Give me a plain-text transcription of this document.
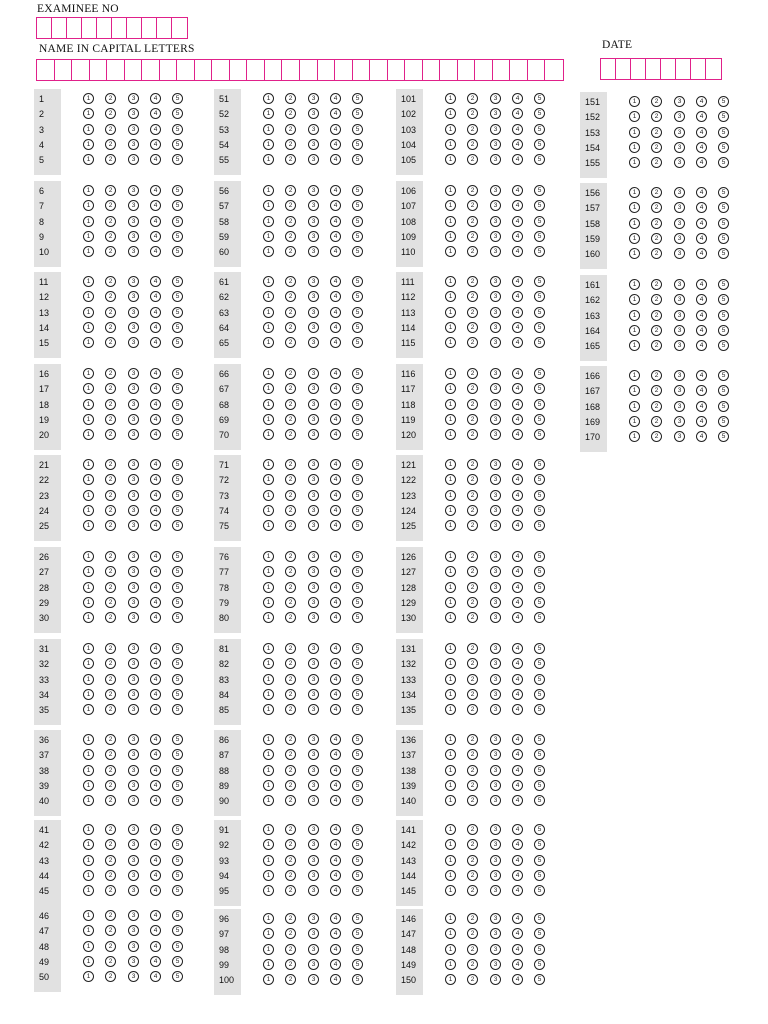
EXAMINEE NO
NAME IN CAPITAL LETTERS	DATE
1	1	2	3	4	5
2	1	2	3	4	5
3	1	2	3	4	5
4	1	2	3	4	5
5	1	2	3	4	5
6	1	2	3	4	5
7	1	2	3	4	5
8	1	2	3	4	5
9	1	2	3	4	5
10	1	2	3	4	5
11	1	2	3	4	5
12	1	2	3	4	5
13	1	2	3	4	5
14	1	2	3	4	5
15	1	2	3	4	5
16	1	2	3	4	5
17	1	2	3	4	5
18	1	2	3	4	5
19	1	2	3	4	5
20	1	2	3	4	5
21	1	2	3	4	5
22	1	2	3	4	5
23	1	2	3	4	5
24	1	2	3	4	5
25	1	2	3	4	5
26	1	2	3	4	5
27	1	2	3	4	5
28	1	2	3	4	5
29	1	2	3	4	5
30	1	2	3	4	5
31	1	2	3	4	5
32	1	2	3	4	5
33	1	2	3	4	5
34	1	2	3	4	5
35	1	2	3	4	5
36	1	2	3	4	5
37	1	2	3	4	5
38	1	2	3	4	5
39	1	2	3	4	5
40	1	2	3	4	5
41	1	2	3	4	5
42	1	2	3	4	5
43	1	2	3	4	5
44	1	2	3	4	5
45	1	2	3	4	5
46	1	2	3	4	5
47	1	2	3	4	5
48	1	2	3	4	5
49	1	2	3	4	5
50	1	2	3	4	5
51	1	2	3	4	5
52	1	2	3	4	5
53	1	2	3	4	5
54	1	2	3	4	5
55	1	2	3	4	5
56	1	2	3	4	5
57	1	2	3	4	5
58	1	2	3	4	5
59	1	2	3	4	5
60	1	2	3	4	5
61	1	2	3	4	5
62	1	2	3	4	5
63	1	2	3	4	5
64	1	2	3	4	5
65	1	2	3	4	5
66	1	2	3	4	5
67	1	2	3	4	5
68	1	2	3	4	5
69	1	2	3	4	5
70	1	2	3	4	5
71	1	2	3	4	5
72	1	2	3	4	5
73	1	2	3	4	5
74	1	2	3	4	5
75	1	2	3	4	5
76	1	2	3	4	5
77	1	2	3	4	5
78	1	2	3	4	5
79	1	2	3	4	5
80	1	2	3	4	5
81	1	2	3	4	5
82	1	2	3	4	5
83	1	2	3	4	5
84	1	2	3	4	5
85	1	2	3	4	5
86	1	2	3	4	5
87	1	2	3	4	5
88	1	2	3	4	5
89	1	2	3	4	5
90	1	2	3	4	5
91	1	2	3	4	5
92	1	2	3	4	5
93	1	2	3	4	5
94	1	2	3	4	5
95	1	2	3	4	5
96	1	2	3	4	5
97	1	2	3	4	5
98	1	2	3	4	5
99	1	2	3	4	5
100	1	2	3	4	5
101	1	2	3	4	5
102	1	2	3	4	5
103	1	2	3	4	5
104	1	2	3	4	5
105	1	2	3	4	5
106	1	2	3	4	5
107	1	2	3	4	5
108	1	2	3	4	5
109	1	2	3	4	5
110	1	2	3	4	5
111	1	2	3	4	5
112	1	2	3	4	5
113	1	2	3	4	5
114	1	2	3	4	5
115	1	2	3	4	5
116	1	2	3	4	5
117	1	2	3	4	5
118	1	2	3	4	5
119	1	2	3	4	5
120	1	2	3	4	5
121	1	2	3	4	5
122	1	2	3	4	5
123	1	2	3	4	5
124	1	2	3	4	5
125	1	2	3	4	5
126	1	2	3	4	5
127	1	2	3	4	5
128	1	2	3	4	5
129	1	2	3	4	5
130	1	2	3	4	5
131	1	2	3	4	5
132	1	2	3	4	5
133	1	2	3	4	5
134	1	2	3	4	5
135	1	2	3	4	5
136	1	2	3	4	5
137	1	2	3	4	5
138	1	2	3	4	5
139	1	2	3	4	5
140	1	2	3	4	5
141	1	2	3	4	5
142	1	2	3	4	5
143	1	2	3	4	5
144	1	2	3	4	5
145	1	2	3	4	5
146	1	2	3	4	5
147	1	2	3	4	5
148	1	2	3	4	5
149	1	2	3	4	5
150	1	2	3	4	5
151	1	2	3	4	5
152	1	2	3	4	5
153	1	2	3	4	5
154	1	2	3	4	5
155	1	2	3	4	5
156	1	2	3	4	5
157	1	2	3	4	5
158	1	2	3	4	5
159	1	2	3	4	5
160	1	2	3	4	5
161	1	2	3	4	5
162	1	2	3	4	5
163	1	2	3	4	5
164	1	2	3	4	5
165	1	2	3	4	5
166	1	2	3	4	5
167	1	2	3	4	5
168	1	2	3	4	5
169	1	2	3	4	5
170	1	2	3	4	5
